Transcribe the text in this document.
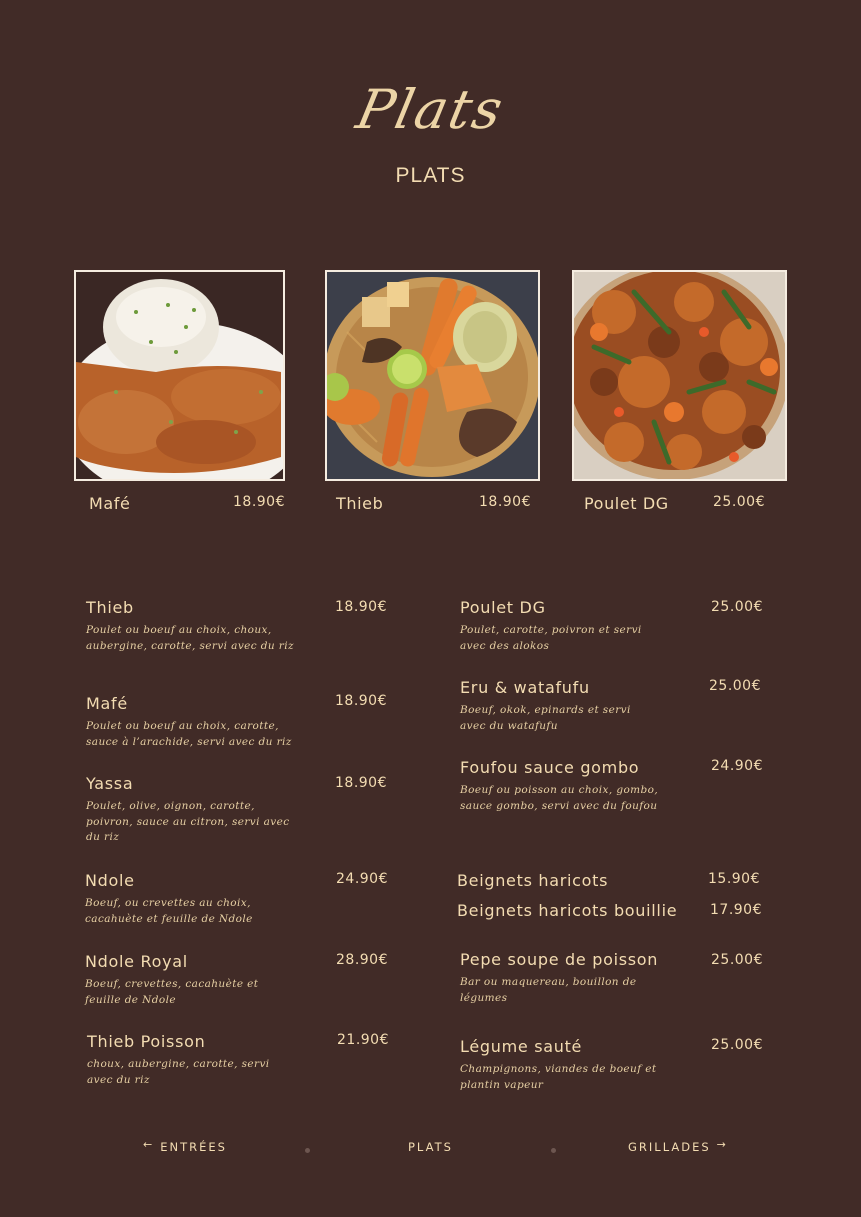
Plats
PLATS
Mafé	18.90€	Thieb	18.90€	Poulet DG	25.00€
Thieb
Poulet ou boeuf au choix, choux, aubergine, carotte, servi avec du riz
18.90€
Mafé
Poulet ou boeuf au choix, carotte, sauce à l’arachide, servi avec du riz
18.90€
Yassa
Poulet, olive, oignon, carotte, poivron, sauce au citron, servi avec du riz
18.90€
Ndole
Boeuf, ou crevettes au choix, cacahuète et feuille de Ndole
24.90€
Ndole Royal
Boeuf, crevettes, cacahuète et feuille de Ndole
28.90€
Thieb Poisson
choux, aubergine, carotte, servi avec du riz
21.90€
Poulet DG
Poulet, carotte, poivron et servi avec des alokos
25.00€
Eru & watafufu
Boeuf, okok, epinards et servi avec du watafufu
25.00€
Foufou sauce gombo
Boeuf ou poisson au choix, gombo, sauce gombo, servi avec du foufou
24.90€
Beignets haricots	15.90€
Beignets haricots bouillie	17.90€
Pepe soupe de poisson
Bar ou maquereau, bouillon de légumes
25.00€
Légume sauté
Champignons, viandes de boeuf et plantin vapeur
25.00€
← ENTRÉES	PLATS	GRILLADES →
